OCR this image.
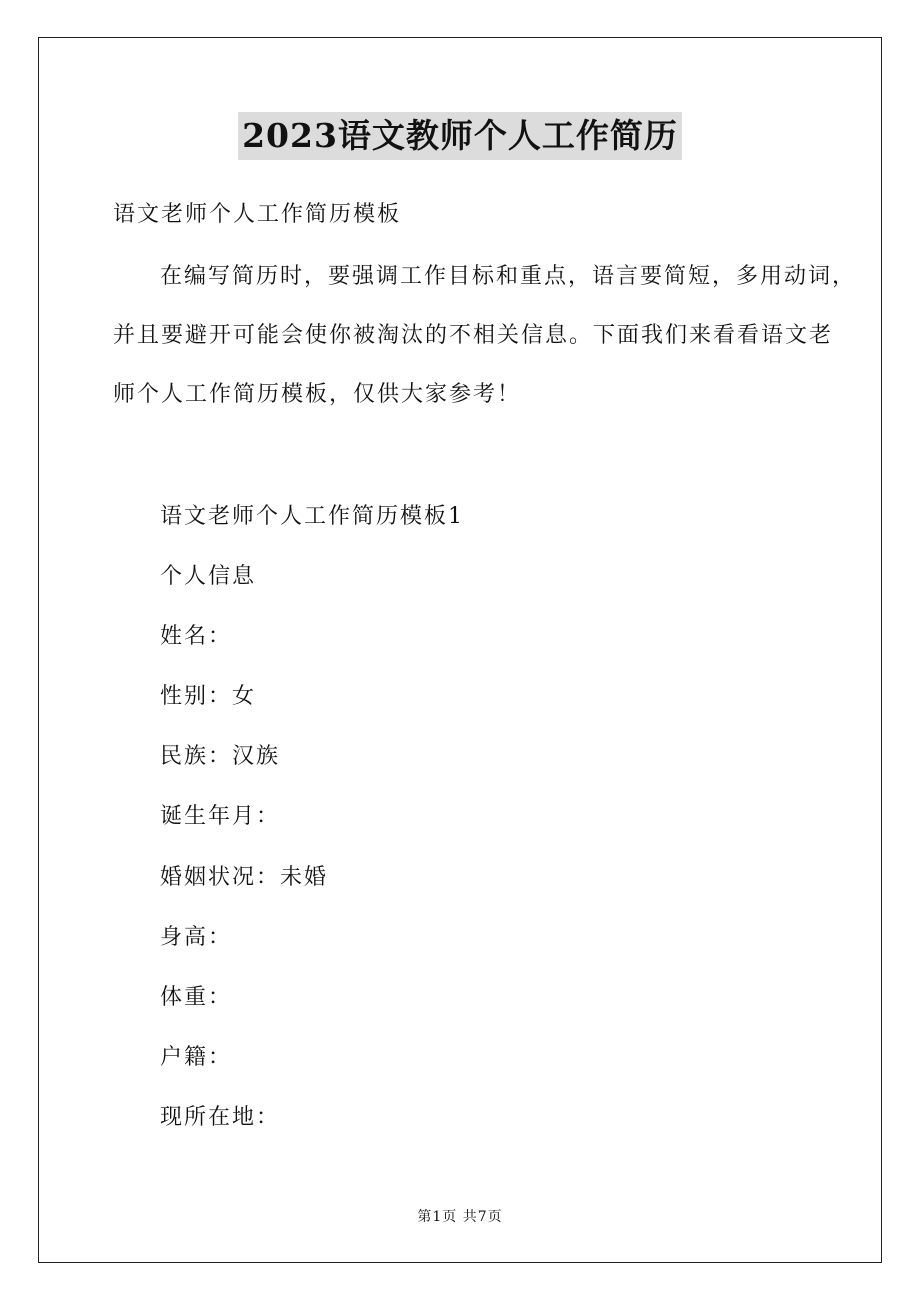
2023语文教师个人工作简历
语文老师个人工作简历模板
在编写简历时，要强调工作目标和重点，语言要简短，多用动词，
并且要避开可能会使你被淘汰的不相关信息。下面我们来看看语文老
师个人工作简历模板，仅供大家参考！
语文老师个人工作简历模板1
个人信息
姓名：
性别：女
民族：汉族
诞生年月：
婚姻状况：未婚
身高：
体重：
户籍：
现所在地：
第1页 共7页
